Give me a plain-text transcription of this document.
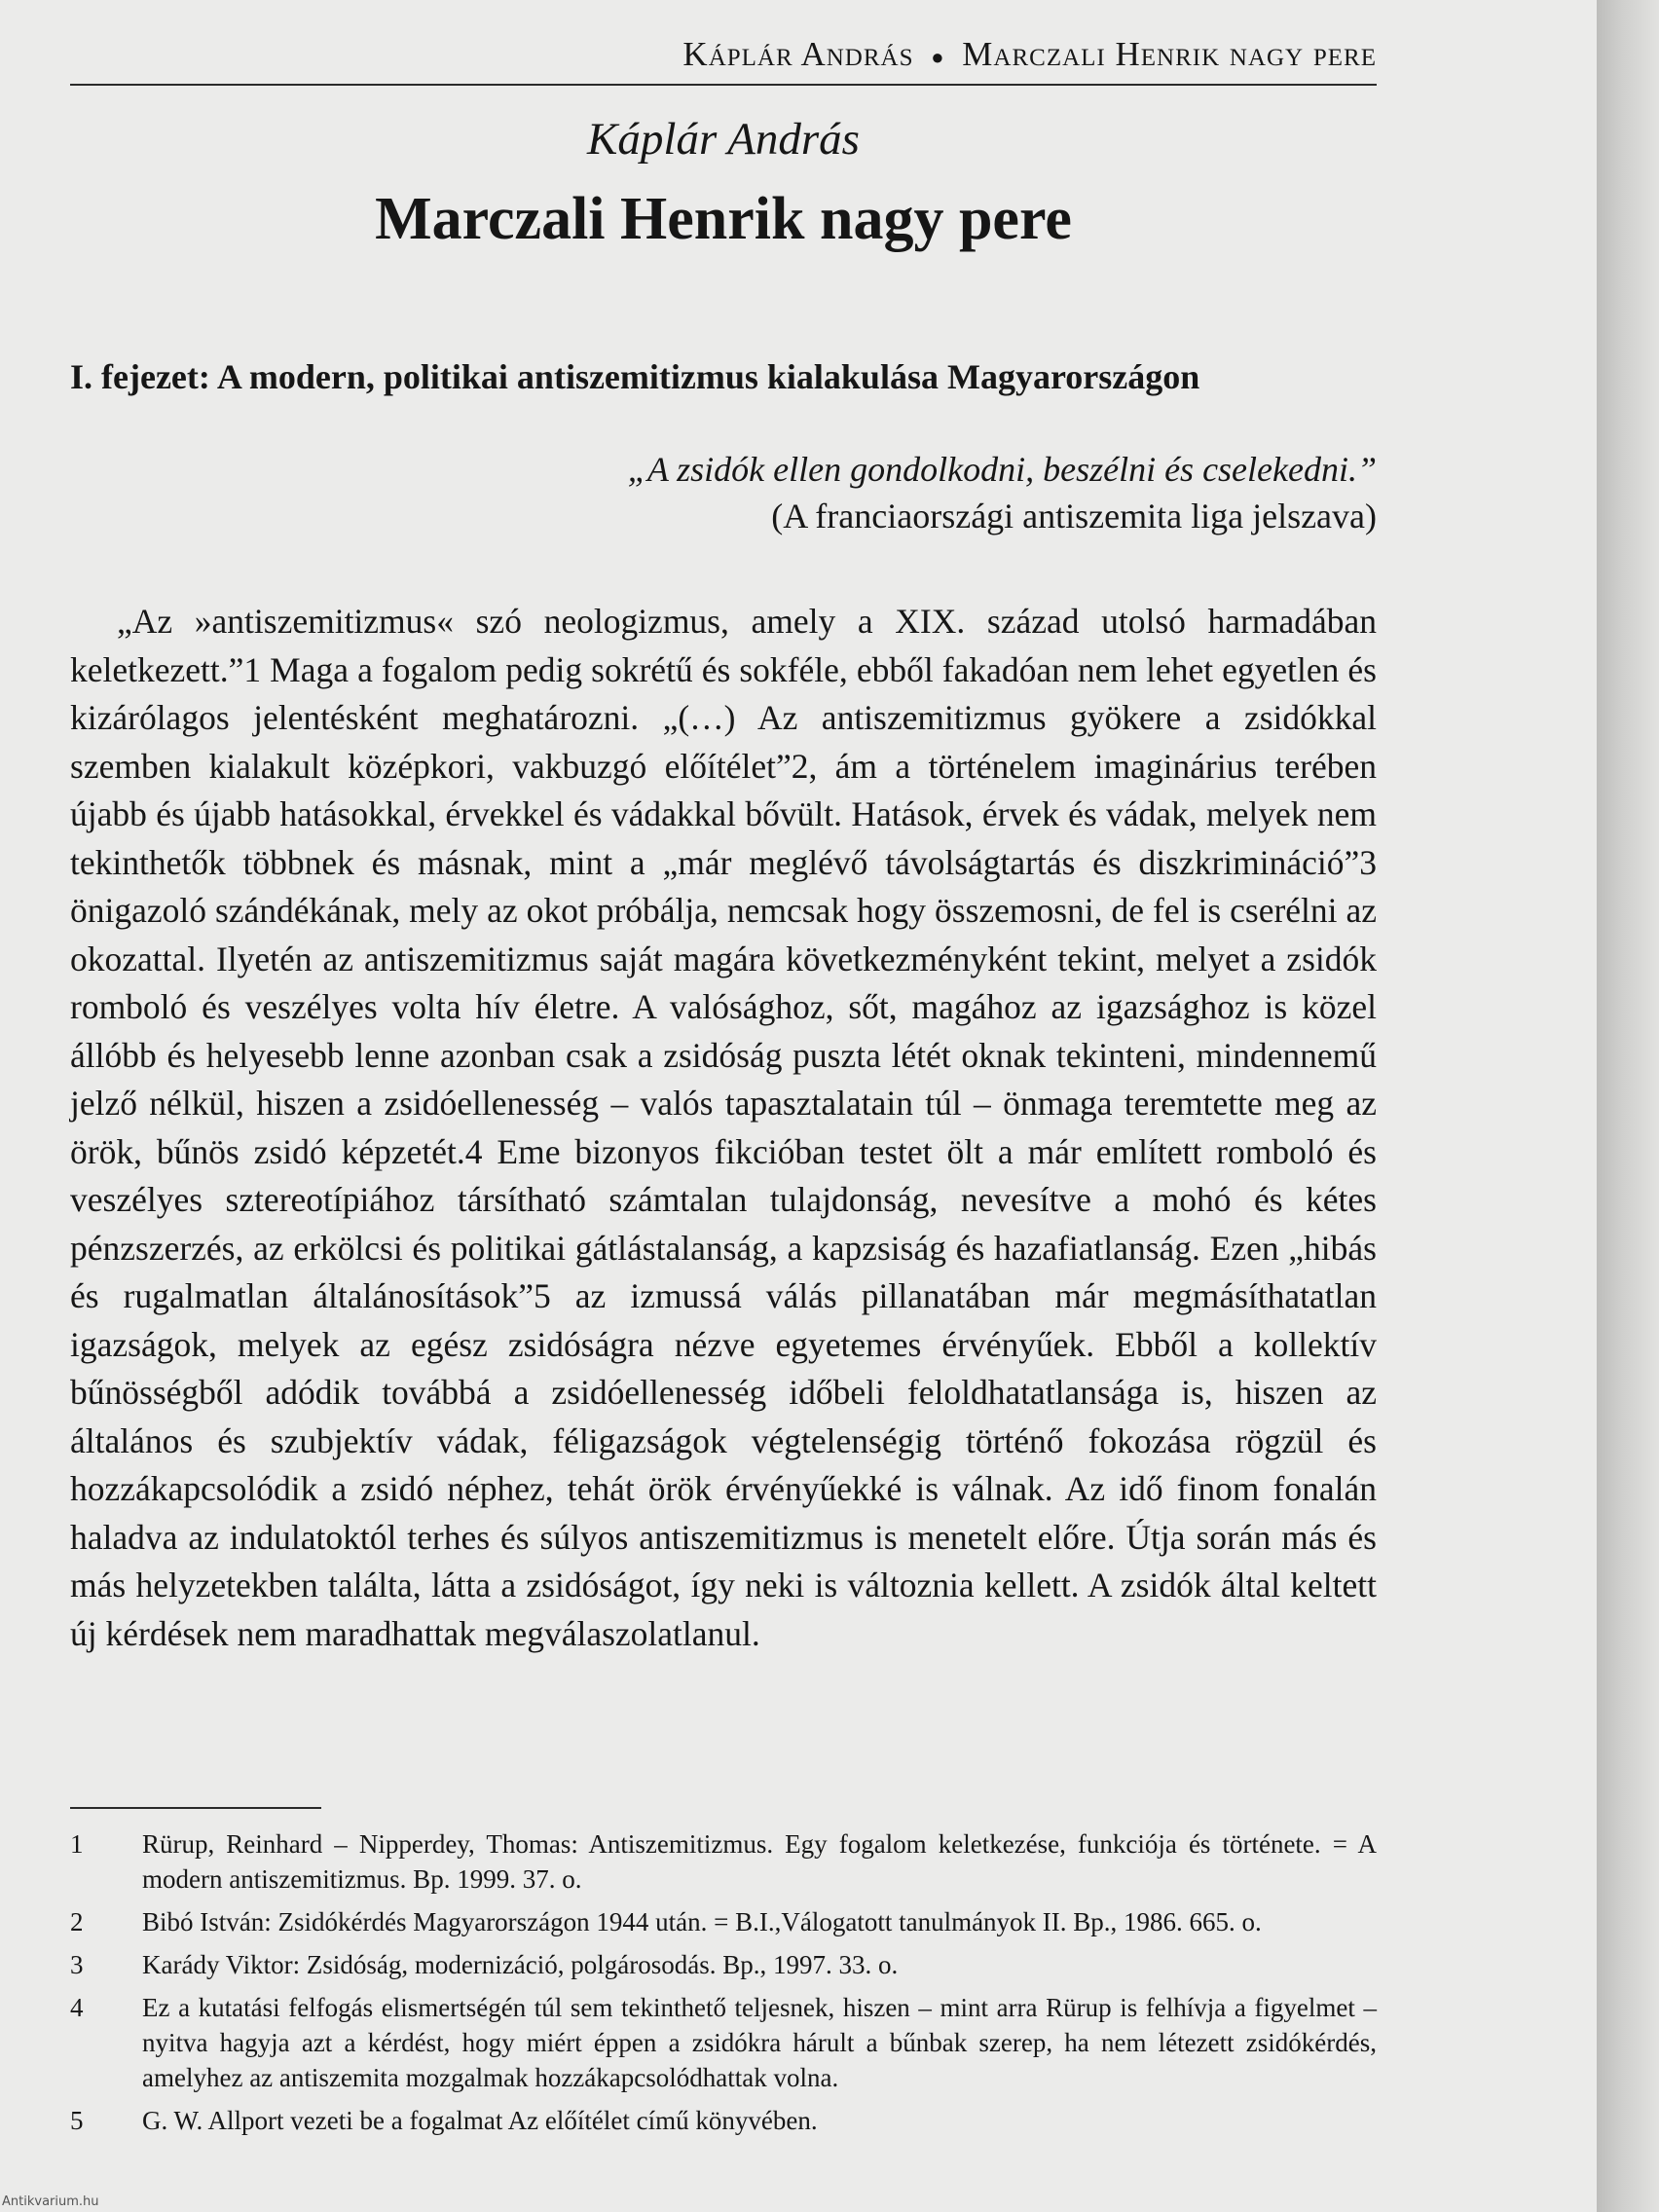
Káplár András ● Marczali Henrik nagy pere
Káplár András
Marczali Henrik nagy pere
I. fejezet: A modern, politikai antiszemitizmus kialakulása Magyarországon
„A zsidók ellen gondolkodni, beszélni és cselekedni.”
(A franciaországi antiszemita liga jelszava)

„Az »antiszemitizmus« szó neologizmus, amely a XIX. század utolsó harmadában keletkezett.”1 Maga a fogalom pedig sokrétű és sokféle, ebből fakadóan nem lehet egyetlen és kizárólagos jelentésként meghatározni. „(…) Az antiszemitizmus gyökere a zsidókkal szemben kialakult középkori, vakbuzgó előítélet”2, ám a történelem imaginárius terében újabb és újabb hatásokkal, érvekkel és vádakkal bővült. Hatások, érvek és vádak, melyek nem tekinthetők többnek és másnak, mint a „már meglévő távolságtartás és diszkrimináció”3 önigazoló szándékának, mely az okot próbálja, nemcsak hogy összemosni, de fel is cserélni az okozattal. Ilyetén az antiszemitizmus saját magára következményként tekint, melyet a zsidók romboló és veszélyes volta hív életre. A valósághoz, sőt, magához az igazsághoz is közel állóbb és helyesebb lenne azonban csak a zsidóság puszta létét oknak tekinteni, mindennemű jelző nélkül, hiszen a zsidóellenesség – valós tapasztalatain túl – önmaga teremtette meg az örök, bűnös zsidó képzetét.4 Eme bizonyos fikcióban testet ölt a már említett romboló és veszélyes sztereotípiához társítható számtalan tulajdonság, nevesítve a mohó és kétes pénzszerzés, az erkölcsi és politikai gátlástalanság, a kapzsiság és hazafiatlanság. Ezen „hibás és rugalmatlan általánosítások”5 az izmussá válás pillanatában már megmásíthatatlan igazságok, melyek az egész zsidóságra nézve egyetemes érvényűek. Ebből a kollektív bűnösségből adódik továbbá a zsidóellenesség időbeli feloldhatatlansága is, hiszen az általános és szubjektív vádak, féligazságok végtelenségig történő fokozása rögzül és hozzákapcsolódik a zsidó néphez, tehát örök érvényűekké is válnak. Az idő finom fonalán haladva az indulatoktól terhes és súlyos antiszemitizmus is menetelt előre. Útja során más és más helyzetekben találta, látta a zsidóságot, így neki is változnia kellett. A zsidók által keltett új kérdések nem maradhattak megválaszolatlanul.

1	Rürup, Reinhard – Nipperdey, Thomas: Antiszemitizmus. Egy fogalom keletkezése, funkciója és története. = A modern antiszemitizmus. Bp. 1999. 37. o.
2	Bibó István: Zsidókérdés Magyarországon 1944 után. = B.I.,Válogatott tanulmányok II. Bp., 1986. 665. o.
3	Karády Viktor: Zsidóság, modernizáció, polgárosodás. Bp., 1997. 33. o.
4	Ez a kutatási felfogás elismertségén túl sem tekinthető teljesnek, hiszen – mint arra Rürup is felhívja a figyelmet – nyitva hagyja azt a kérdést, hogy miért éppen a zsidókra hárult a bűnbak szerep, ha nem létezett zsidókérdés, amelyhez az antiszemita mozgalmak hozzákapcsolódhattak volna.
5	G. W. Allport vezeti be a fogalmat Az előítélet című könyvében.
Antikvarium.hu
